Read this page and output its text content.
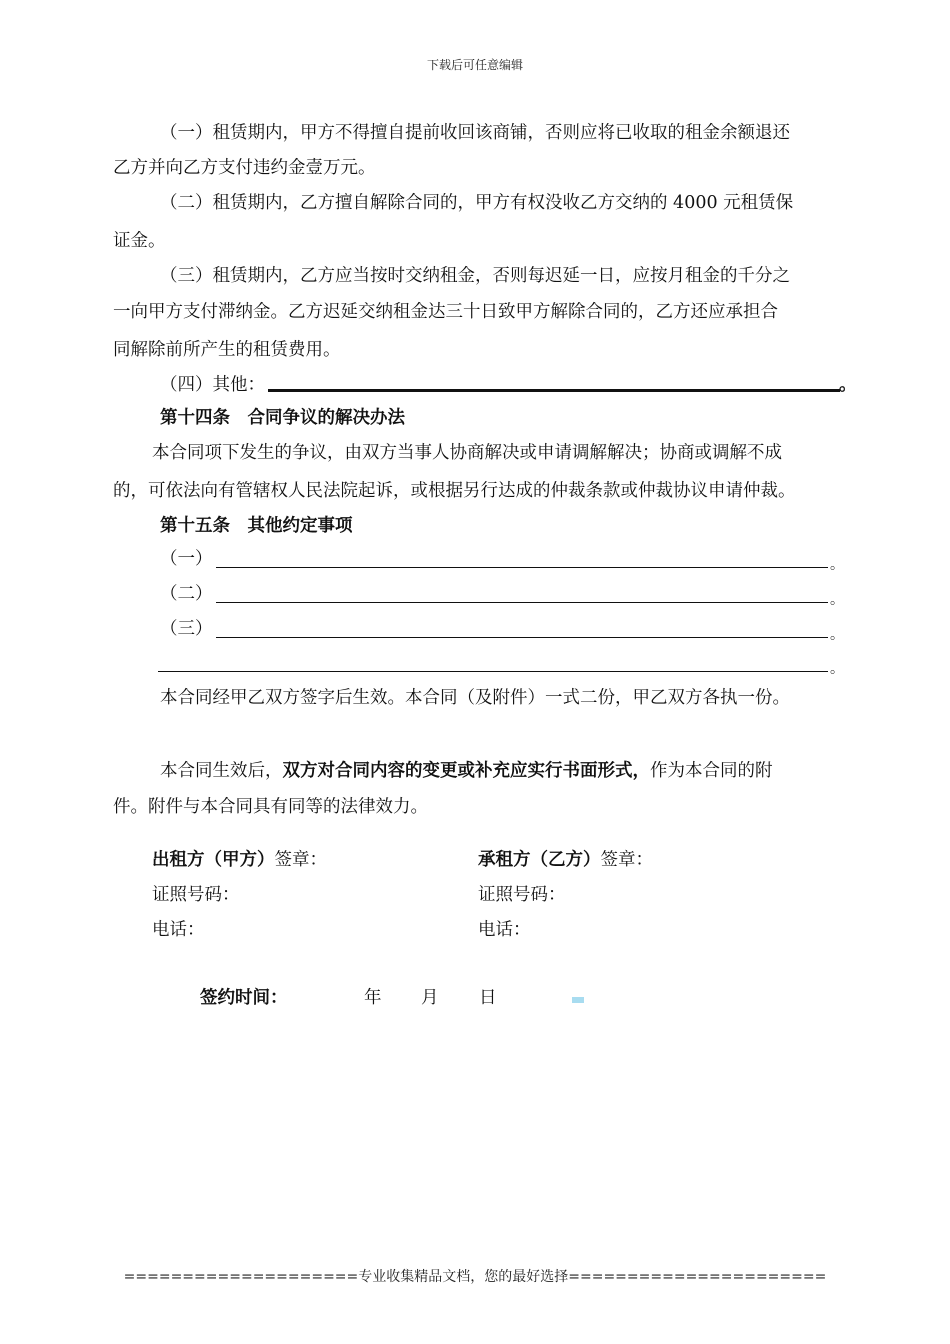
下载后可任意编辑
（一）租赁期内，甲方不得擅自提前收回该商铺，否则应将已收取的租金余额退还
乙方并向乙方支付违约金壹万元。
（二）租赁期内，乙方擅自解除合同的，甲方有权没收乙方交纳的 4000 元租赁保
证金。
（三）租赁期内，乙方应当按时交纳租金，否则每迟延一日，应按月租金的千分之
一向甲方支付滞纳金。乙方迟延交纳租金达三十日致甲方解除合同的，乙方还应承担合
同解除前所产生的租赁费用。
（四）其他：	。
第十四条　合同争议的解决办法
本合同项下发生的争议，由双方当事人协商解决或申请调解解决；协商或调解不成
的，可依法向有管辖权人民法院起诉，或根据另行达成的仲裁条款或仲裁协议申请仲裁。
第十五条　其他约定事项
（一）	。
（二）	。
（三）	。
。
本合同经甲乙双方签字后生效。本合同（及附件）一式二份，甲乙双方各执一份。
本合同生效后，双方对合同内容的变更或补充应实行书面形式，作为本合同的附
件。附件与本合同具有同等的法律效力。
出租方（甲方）签章：	承租方（乙方）签章：
证照号码：	证照号码：
电话：	电话：
签约时间：	年 月 日
====================专业收集精品文档，您的最好选择======================
